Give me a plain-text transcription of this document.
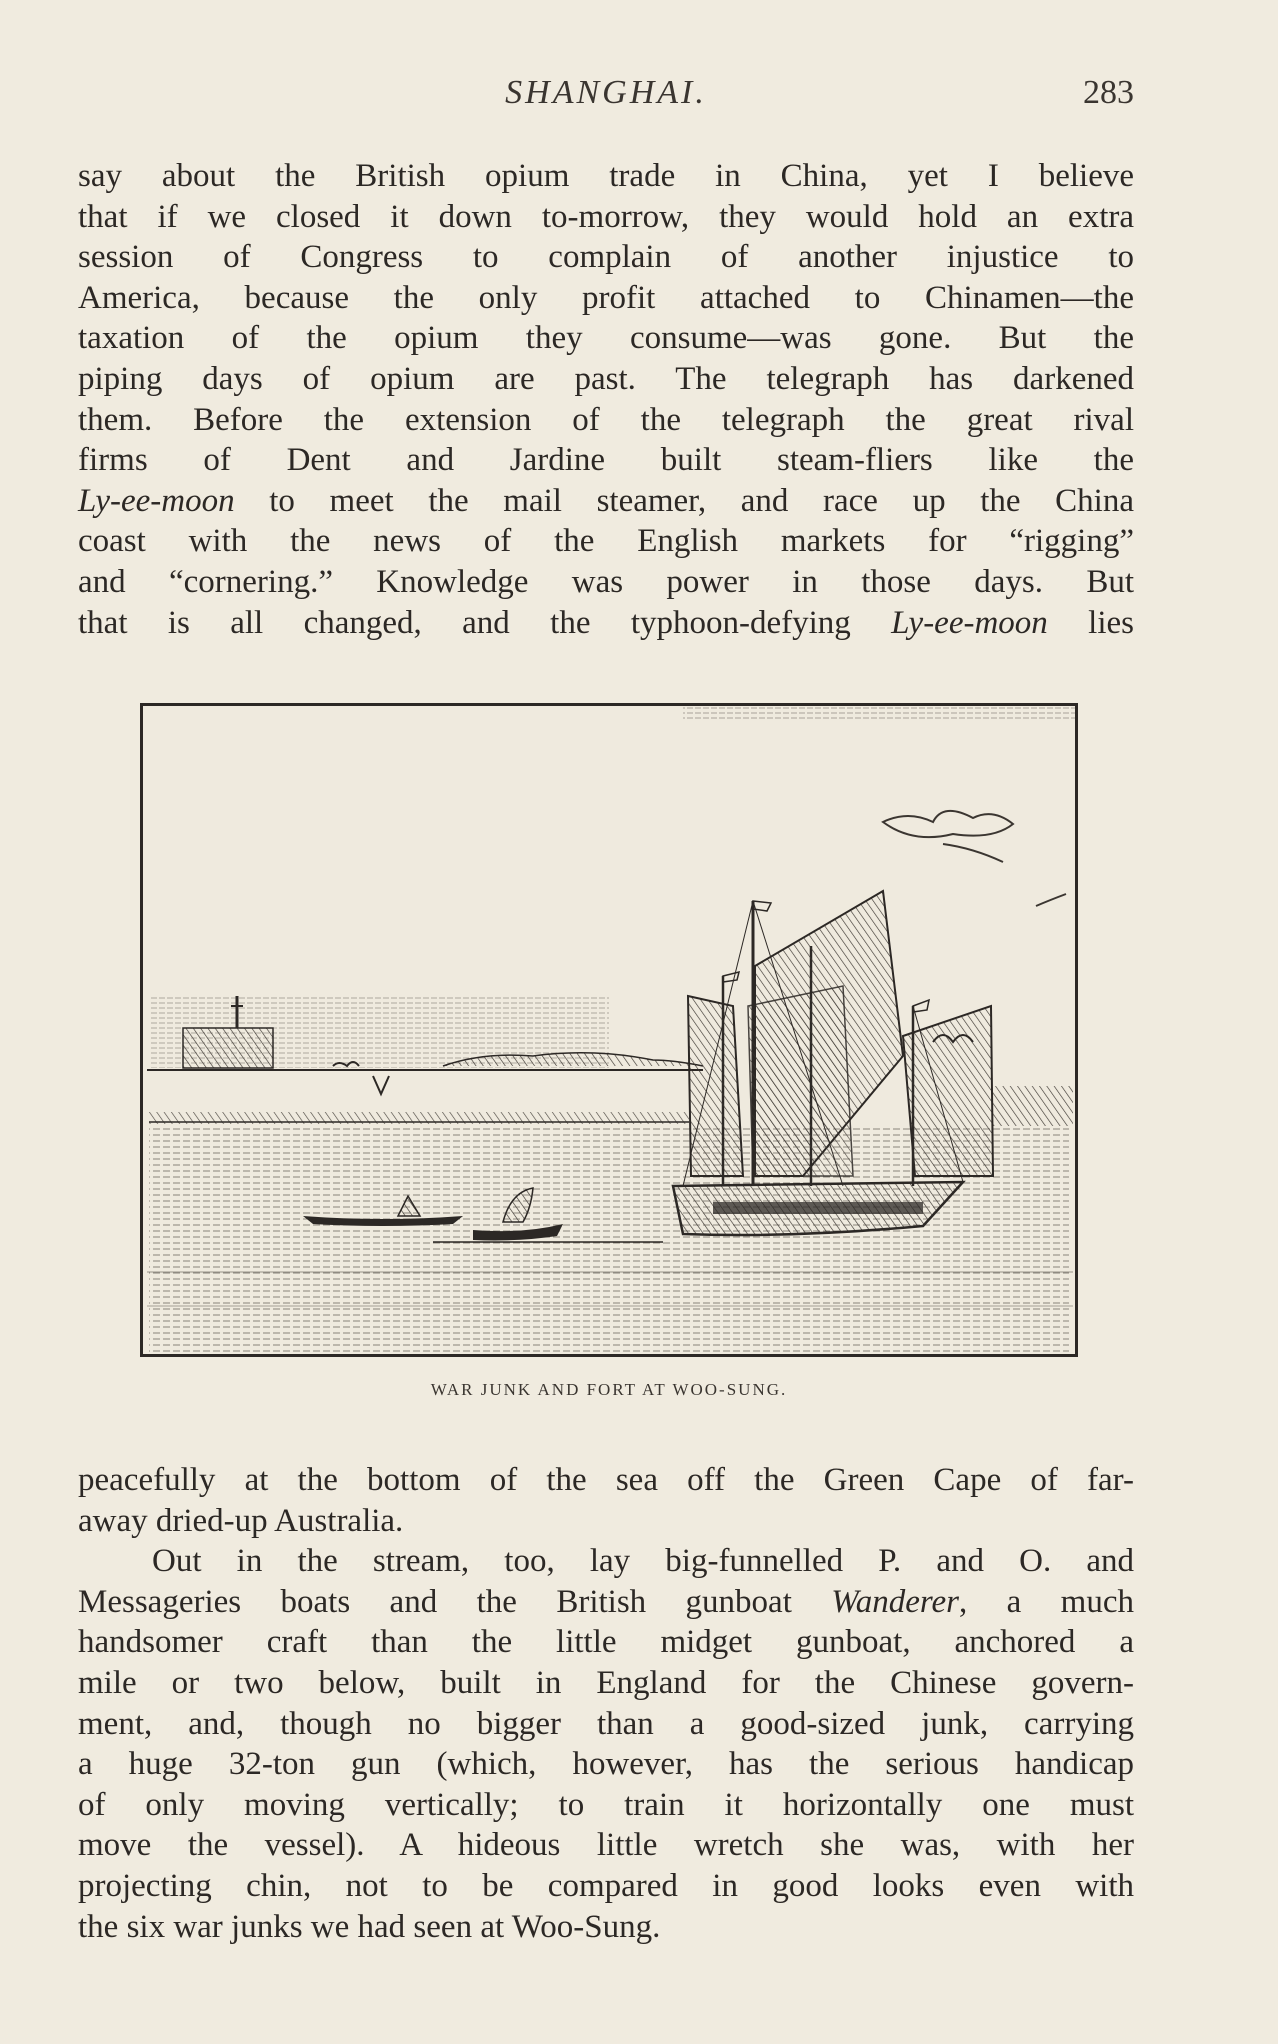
SHANGHAI.	283
say about the British opium trade in China, yet I believe
that if we closed it down to-morrow, they would hold an extra
session of Congress to complain of another injustice to
America, because the only profit attached to Chinamen—the
taxation of the opium they consume—was gone. But the
piping days of opium are past. The telegraph has darkened
them. Before the extension of the telegraph the great rival
firms of Dent and Jardine built steam-fliers like the
Ly-ee-moon to meet the mail steamer, and race up the China
coast with the news of the English markets for “rigging”
and “cornering.” Knowledge was power in those days. But
that is all changed, and the typhoon-defying Ly-ee-moon lies
WAR JUNK AND FORT AT WOO-SUNG.
peacefully at the bottom of the sea off the Green Cape of far-
away dried-up Australia.
Out in the stream, too, lay big-funnelled P. and O. and
Messageries boats and the British gunboat Wanderer, a much
handsomer craft than the little midget gunboat, anchored a
mile or two below, built in England for the Chinese govern-
ment, and, though no bigger than a good-sized junk, carrying
a huge 32-ton gun (which, however, has the serious handicap
of only moving vertically; to train it horizontally one must
move the vessel). A hideous little wretch she was, with her
projecting chin, not to be compared in good looks even with
the six war junks we had seen at Woo-Sung.
